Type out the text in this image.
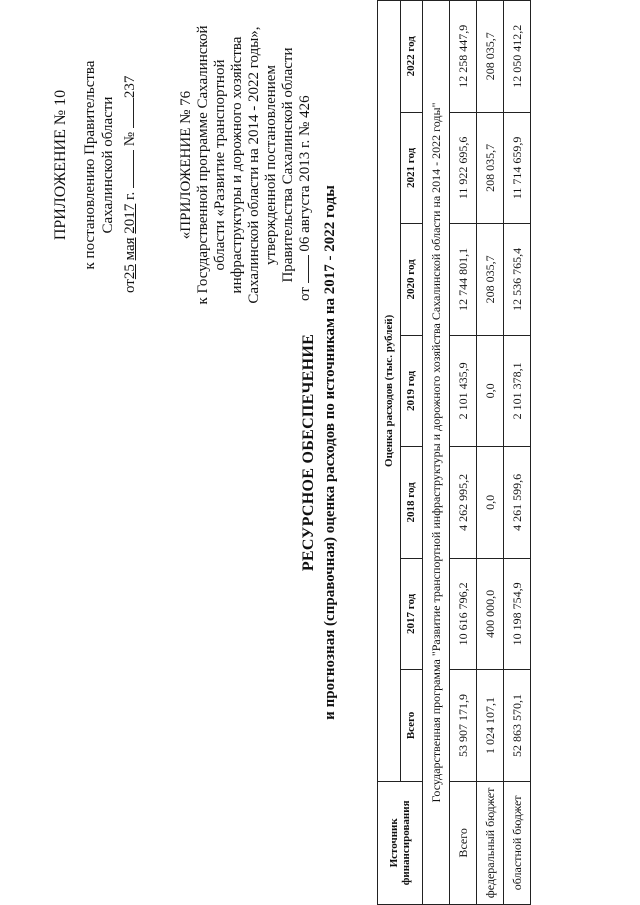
ПРИЛОЖЕНИЕ № 10 к постановлению Правительства Сахалинской области
от25 мая 2017 г.  № 237
«ПРИЛОЖЕНИЕ № 76 к Государственной программе Сахалинской области «Развитие транспортной инфраструктуры и дорожного хозяйства Сахалинской области на 2014 - 2022 годы», утвержденной постановлением Правительства Сахалинской области
от  06 августа 2013 г. № 426
РЕСУРСНОЕ ОБЕСПЕЧЕНИЕ и прогнозная (справочная) оценка расходов по источникам на 2017 - 2022 годы
Источник финансирования	Оценка расходов (тыс. рублей)						
	Всего	2017 год	2018 год	2019 год	2020 год	2021 год	2022 год
Государственная программа "Развитие транспортной инфраструктуры и дорожного хозяйства Сахалинской области на 2014 - 2022 годы"							
Всего	53 907 171,9	10 616 796,2	4 262 995,2	2 101 435,9	12 744 801,1	11 922 695,6	12 258 447,9
федеральный бюджет	1 024 107,1	400 000,0	0,0	0,0	208 035,7	208 035,7	208 035,7
областной бюджет	52 863 570,1	10 198 754,9	4 261 599,6	2 101 378,1	12 536 765,4	11 714 659,9	12 050 412,2
